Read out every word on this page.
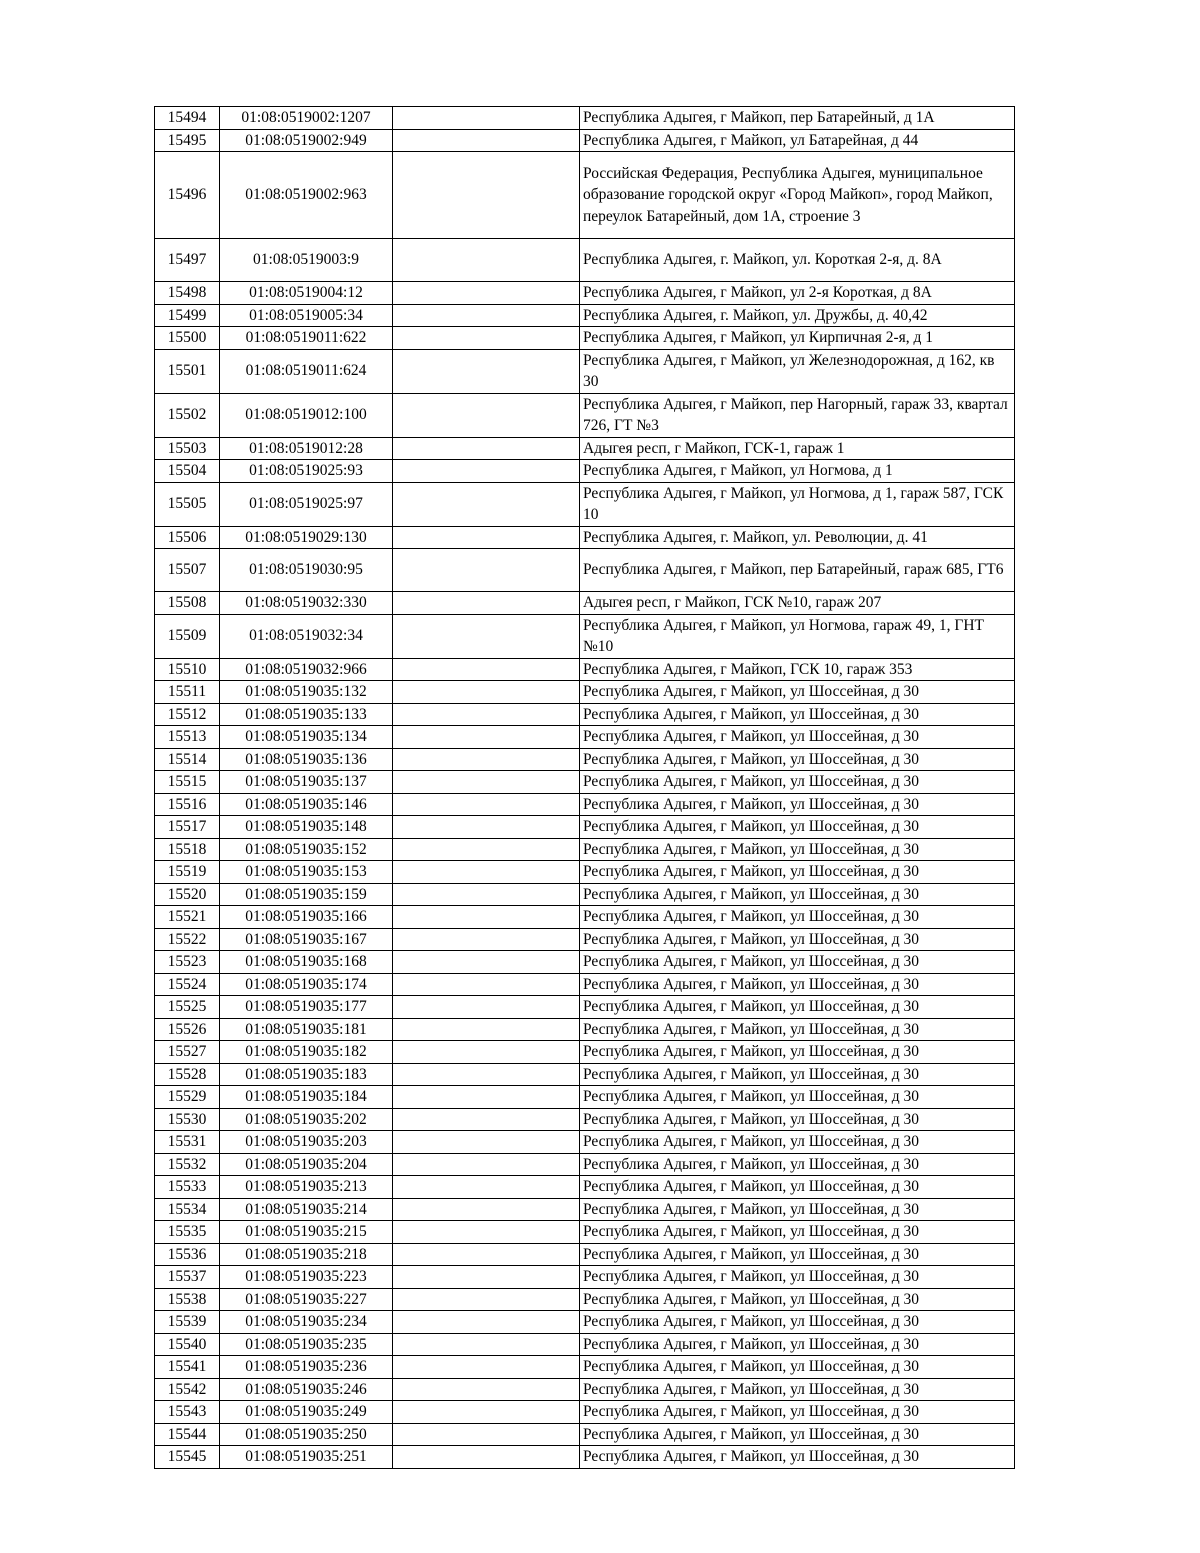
15494	01:08:0519002:1207		Республика Адыгея, г Майкоп, пер Батарейный, д 1А
15495	01:08:0519002:949		Республика Адыгея, г Майкоп, ул Батарейная, д 44
15496	01:08:0519002:963		Российская Федерация, Республика Адыгея, муниципальное образование городской округ «Город Майкоп», город Майкоп, переулок Батарейный, дом 1А, строение 3
15497	01:08:0519003:9		Республика Адыгея, г. Майкоп, ул. Короткая 2-я, д. 8А
15498	01:08:0519004:12		Республика Адыгея, г Майкоп, ул 2-я Короткая, д 8А
15499	01:08:0519005:34		Республика Адыгея, г. Майкоп, ул. Дружбы, д. 40,42
15500	01:08:0519011:622		Республика Адыгея, г Майкоп, ул Кирпичная 2-я, д 1
15501	01:08:0519011:624		Республика Адыгея, г Майкоп, ул Железнодорожная, д 162, кв 30
15502	01:08:0519012:100		Республика Адыгея, г Майкоп, пер Нагорный, гараж 33, квартал 726, ГТ №3
15503	01:08:0519012:28		Адыгея респ, г Майкоп, ГСК-1, гараж 1
15504	01:08:0519025:93		Республика Адыгея, г Майкоп, ул Ногмова, д 1
15505	01:08:0519025:97		Республика Адыгея, г Майкоп, ул Ногмова, д 1, гараж 587, ГСК 10
15506	01:08:0519029:130		Республика Адыгея, г. Майкоп, ул. Революции, д. 41
15507	01:08:0519030:95		Республика Адыгея, г Майкоп, пер Батарейный, гараж 685, ГТ6
15508	01:08:0519032:330		Адыгея респ, г Майкоп, ГСК №10, гараж 207
15509	01:08:0519032:34		Республика Адыгея, г Майкоп, ул Ногмова, гараж 49, 1, ГНТ №10
15510	01:08:0519032:966		Республика Адыгея, г Майкоп, ГСК 10, гараж 353
15511	01:08:0519035:132		Республика Адыгея, г Майкоп, ул Шоссейная, д 30
15512	01:08:0519035:133		Республика Адыгея, г Майкоп, ул Шоссейная, д 30
15513	01:08:0519035:134		Республика Адыгея, г Майкоп, ул Шоссейная, д 30
15514	01:08:0519035:136		Республика Адыгея, г Майкоп, ул Шоссейная, д 30
15515	01:08:0519035:137		Республика Адыгея, г Майкоп, ул Шоссейная, д 30
15516	01:08:0519035:146		Республика Адыгея, г Майкоп, ул Шоссейная, д 30
15517	01:08:0519035:148		Республика Адыгея, г Майкоп, ул Шоссейная, д 30
15518	01:08:0519035:152		Республика Адыгея, г Майкоп, ул Шоссейная, д 30
15519	01:08:0519035:153		Республика Адыгея, г Майкоп, ул Шоссейная, д 30
15520	01:08:0519035:159		Республика Адыгея, г Майкоп, ул Шоссейная, д 30
15521	01:08:0519035:166		Республика Адыгея, г Майкоп, ул Шоссейная, д 30
15522	01:08:0519035:167		Республика Адыгея, г Майкоп, ул Шоссейная, д 30
15523	01:08:0519035:168		Республика Адыгея, г Майкоп, ул Шоссейная, д 30
15524	01:08:0519035:174		Республика Адыгея, г Майкоп, ул Шоссейная, д 30
15525	01:08:0519035:177		Республика Адыгея, г Майкоп, ул Шоссейная, д 30
15526	01:08:0519035:181		Республика Адыгея, г Майкоп, ул Шоссейная, д 30
15527	01:08:0519035:182		Республика Адыгея, г Майкоп, ул Шоссейная, д 30
15528	01:08:0519035:183		Республика Адыгея, г Майкоп, ул Шоссейная, д 30
15529	01:08:0519035:184		Республика Адыгея, г Майкоп, ул Шоссейная, д 30
15530	01:08:0519035:202		Республика Адыгея, г Майкоп, ул Шоссейная, д 30
15531	01:08:0519035:203		Республика Адыгея, г Майкоп, ул Шоссейная, д 30
15532	01:08:0519035:204		Республика Адыгея, г Майкоп, ул Шоссейная, д 30
15533	01:08:0519035:213		Республика Адыгея, г Майкоп, ул Шоссейная, д 30
15534	01:08:0519035:214		Республика Адыгея, г Майкоп, ул Шоссейная, д 30
15535	01:08:0519035:215		Республика Адыгея, г Майкоп, ул Шоссейная, д 30
15536	01:08:0519035:218		Республика Адыгея, г Майкоп, ул Шоссейная, д 30
15537	01:08:0519035:223		Республика Адыгея, г Майкоп, ул Шоссейная, д 30
15538	01:08:0519035:227		Республика Адыгея, г Майкоп, ул Шоссейная, д 30
15539	01:08:0519035:234		Республика Адыгея, г Майкоп, ул Шоссейная, д 30
15540	01:08:0519035:235		Республика Адыгея, г Майкоп, ул Шоссейная, д 30
15541	01:08:0519035:236		Республика Адыгея, г Майкоп, ул Шоссейная, д 30
15542	01:08:0519035:246		Республика Адыгея, г Майкоп, ул Шоссейная, д 30
15543	01:08:0519035:249		Республика Адыгея, г Майкоп, ул Шоссейная, д 30
15544	01:08:0519035:250		Республика Адыгея, г Майкоп, ул Шоссейная, д 30
15545	01:08:0519035:251		Республика Адыгея, г Майкоп, ул Шоссейная, д 30
